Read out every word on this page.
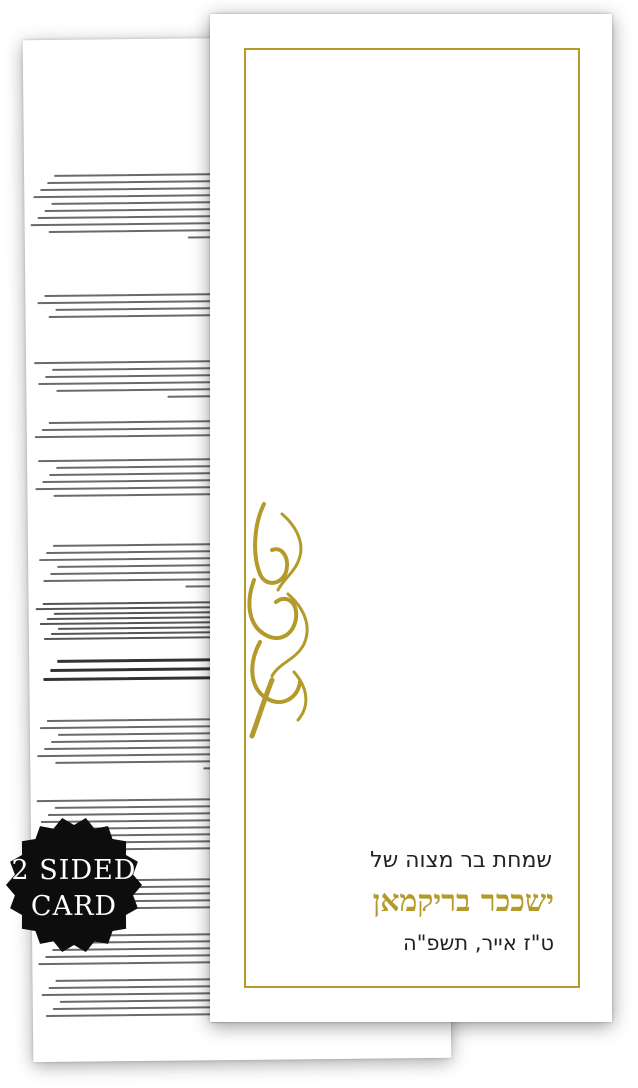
שמחת בר מצוה של
ישככר בריקמאן
ט"ז אייר, תשפ"ה
2 SIDED
CARD
